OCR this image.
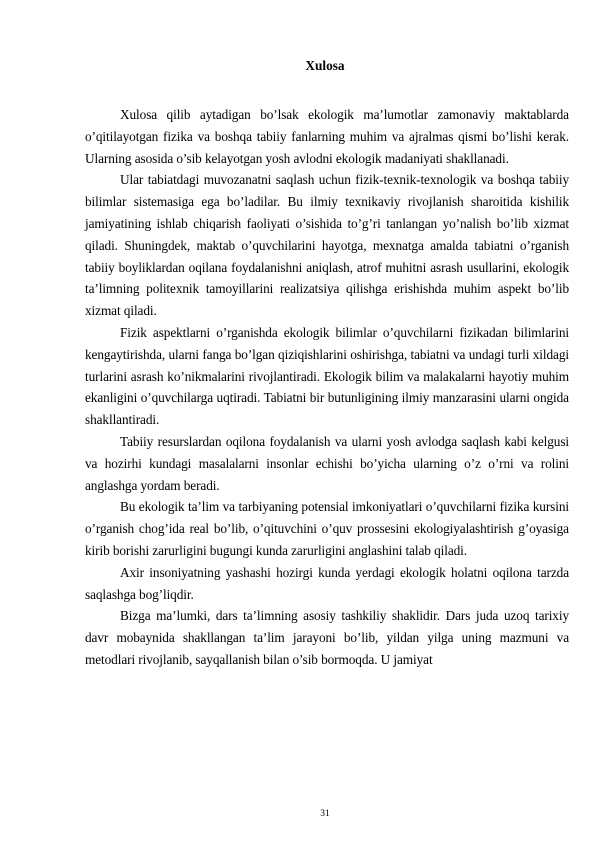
Xulosa

Xulosa qilib aytadigan bo’lsak ekologik ma’lumotlar zamonaviy maktablarda o’qitilayotgan fizika va boshqa tabiiy fanlarning muhim va ajralmas qismi bo’lishi kerak. Ularning asosida o’sib kelayotgan yosh avlodni ekologik madaniyati shakllanadi.

Ular tabiatdagi muvozanatni saqlash uchun fizik-texnik-texnologik va boshqa tabiiy bilimlar sistemasiga ega bo’ladilar. Bu ilmiy texnikaviy rivojlanish sharoitida kishilik jamiyatining ishlab chiqarish faoliyati o’sishida to’g’ri tanlangan yo’nalish bo’lib xizmat qiladi. Shuningdek, maktab o’quvchilarini hayotga, mexnatga amalda tabiatni o’rganish tabiiy boyliklardan oqilana foydalanishni aniqlash, atrof muhitni asrash usullarini, ekologik ta’limning politexnik tamoyillarini realizatsiya qilishga erishishda muhim aspekt bo’lib xizmat qiladi.

Fizik aspektlarni o’rganishda ekologik bilimlar o’quvchilarni fizikadan bilimlarini kengaytirishda, ularni fanga bo’lgan qiziqishlarini oshirishga, tabiatni va undagi turli xildagi turlarini asrash ko’nikmalarini rivojlantiradi. Ekologik bilim va malakalarni hayotiy muhim ekanligini o’quvchilarga uqtiradi. Tabiatni bir butunligining ilmiy manzarasini ularni ongida shakllantiradi.

Tabiiy resurslardan oqilona foydalanish va ularni yosh avlodga saqlash kabi kelgusi va hozirhi kundagi masalalarni insonlar echishi bo’yicha ularning o’z o’rni va rolini anglashga yordam beradi.

Bu ekologik ta’lim va tarbiyaning potensial imkoniyatlari o’quvchilarni fizika kursini o’rganish chog’ida real bo’lib, o’qituvchini o’quv prossesini ekologiyalashtirish g’oyasiga kirib borishi zarurligini bugungi kunda zarurligini anglashini talab qiladi.

Axir insoniyatning yashashi hozirgi kunda yerdagi ekologik holatni oqilona tarzda saqlashga bog’liqdir.

Bizga ma’lumki, dars ta’limning asosiy tashkiliy shaklidir. Dars juda uzoq tarixiy davr mobaynida shakllangan ta’lim jarayoni bo’lib, yildan yilga uning mazmuni va metodlari rivojlanib, sayqallanish bilan o’sib bormoqda. U jamiyat

31
